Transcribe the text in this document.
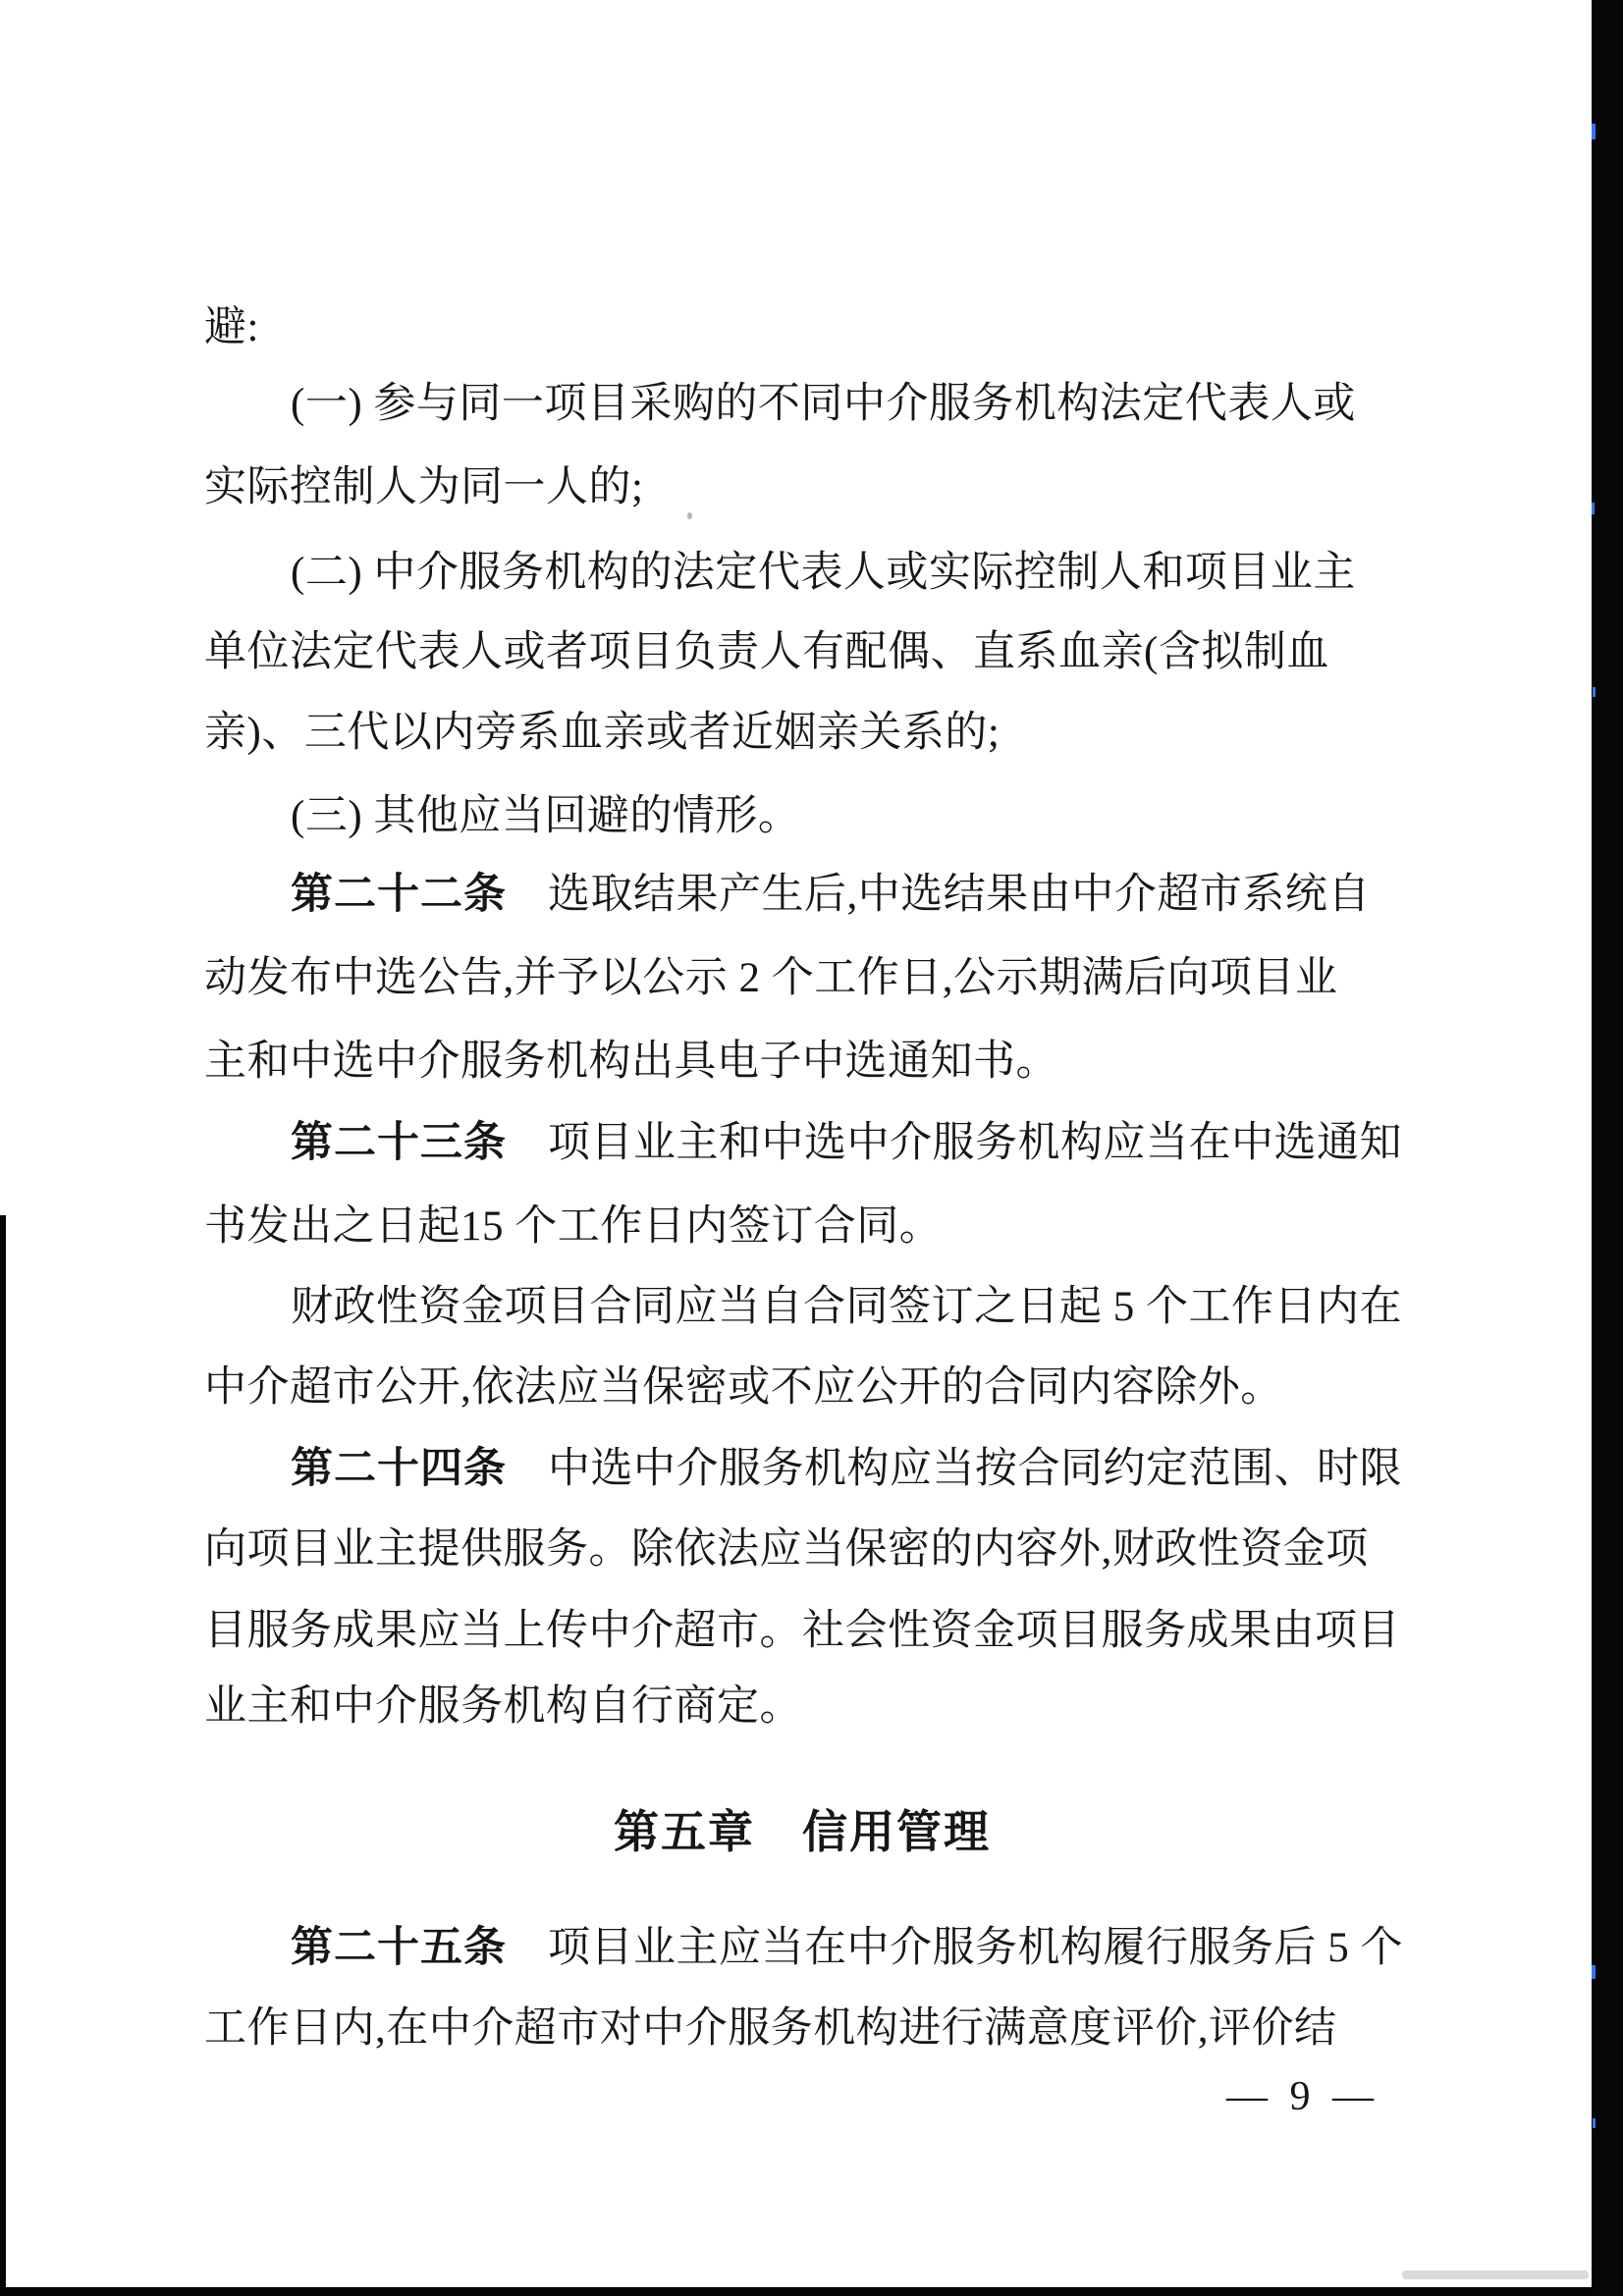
避:
(一) 参与同一项目采购的不同中介服务机构法定代表人或
实际控制人为同一人的;
(二) 中介服务机构的法定代表人或实际控制人和项目业主
单位法定代表人或者项目负责人有配偶、直系血亲(含拟制血
亲)、三代以内旁系血亲或者近姻亲关系的;
(三) 其他应当回避的情形。
第二十二条 选取结果产生后,中选结果由中介超市系统自
动发布中选公告,并予以公示 2 个工作日,公示期满后向项目业
主和中选中介服务机构出具电子中选通知书。
第二十三条 项目业主和中选中介服务机构应当在中选通知
书发出之日起15 个工作日内签订合同。
财政性资金项目合同应当自合同签订之日起 5 个工作日内在
中介超市公开,依法应当保密或不应公开的合同内容除外。
第二十四条 中选中介服务机构应当按合同约定范围、时限
向项目业主提供服务。除依法应当保密的内容外,财政性资金项
目服务成果应当上传中介超市。社会性资金项目服务成果由项目
业主和中介服务机构自行商定。
第五章　信用管理
第二十五条 项目业主应当在中介服务机构履行服务后 5 个
工作日内,在中介超市对中介服务机构进行满意度评价,评价结
— 9 —
